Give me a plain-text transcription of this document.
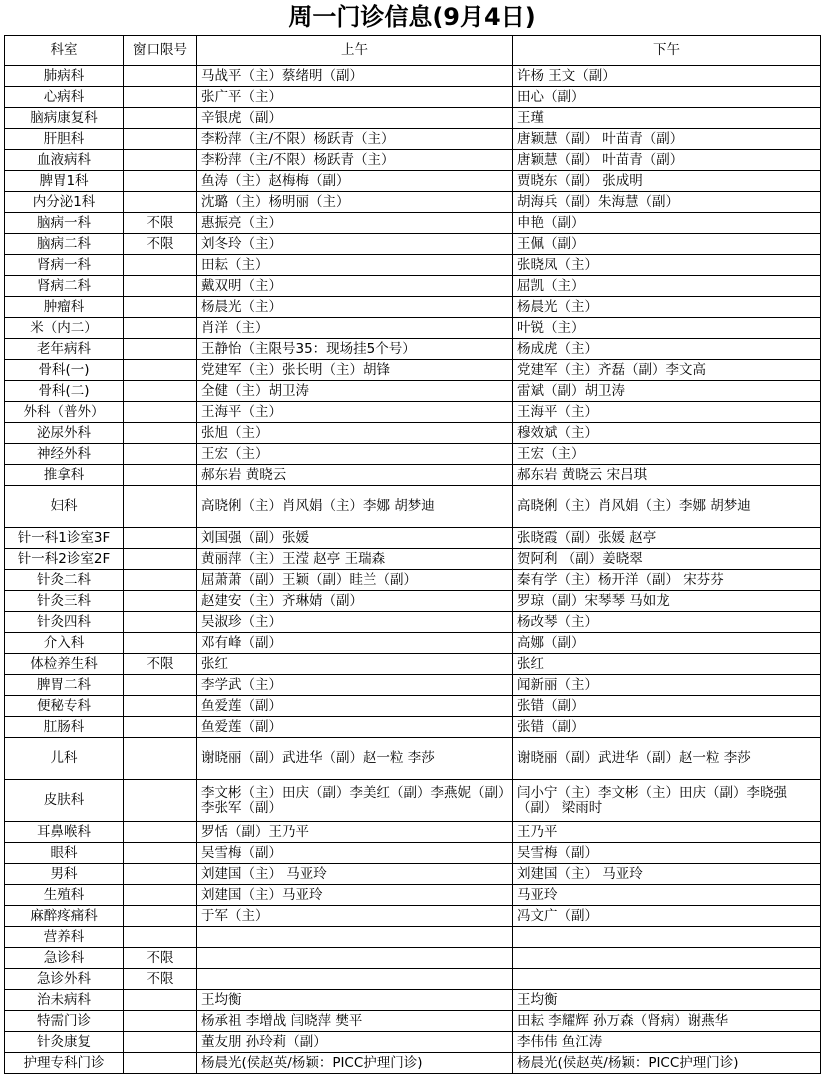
周一门诊信息(9月4日)
科室	窗口限号	上午	下午
肺病科		马战平（主）蔡绪明（副）	许杨 王文（副）
心病科		张广平（主）	田心（副）
脑病康复科		辛银虎（副）	王瑾
肝胆科		李粉萍（主/不限）杨跃青（主）	唐颖慧（副） 叶苗青（副）
血液病科		李粉萍（主/不限）杨跃青（主）	唐颖慧（副） 叶苗青（副）
脾胃1科		鱼涛（主）赵梅梅（副）	贾晓东（副） 张成明
内分泌1科		沈璐（主）杨明丽（主）	胡海兵（副）朱海慧（副）
脑病一科	不限	惠振亮（主）	申艳（副）
脑病二科	不限	刘冬玲（主）	王佩（副）
肾病一科		田耘（主）	张晓凤（主）
肾病二科		戴双明（主）	屈凯（主）
肿瘤科		杨晨光（主）	杨晨光（主）
米（内二）		肖洋（主）	叶锐（主）
老年病科		王静怡（主限号35：现场挂5个号）	杨成虎（主）
骨科(一)		党建军（主）张长明（主）胡锋	党建军（主）齐磊（副）李文高
骨科(二)		全健（主）胡卫涛	雷斌（副）胡卫涛
外科（普外）		王海平（主）	王海平（主）
泌尿外科		张旭（主）	穆效斌（主）
神经外科		王宏（主）	王宏（主）
推拿科		郝东岩 黄晓云	郝东岩 黄晓云 宋吕琪
妇科		高晓俐（主）肖风娟（主）李娜 胡梦迪	高晓俐（主）肖风娟（主）李娜 胡梦迪
针一科1诊室3F		刘国强（副）张媛	张晓霞（副）张媛 赵亭
针一科2诊室2F		黄丽萍（主）王滢 赵亭 王瑞森	贺阿利 （副）姜晓翠
针灸二科		屈萧萧（副）王颖（副）眭兰（副）	秦有学（主）杨开洋（副） 宋芬芬
针灸三科		赵建安（主）齐琳婧（副）	罗琼（副）宋琴琴 马如龙
针灸四科		吴淑珍（主）	杨改琴（主）
介入科		邓有峰（副）	高娜（副）
体检养生科	不限	张红	张红
脾胃二科		李学武（主）	闻新丽（主）
便秘专科		鱼爱莲（副）	张错（副）
肛肠科		鱼爱莲（副）	张错（副）
儿科		谢晓丽（副）武进华（副）赵一粒 李莎	谢晓丽（副）武进华（副）赵一粒 李莎
皮肤科		李文彬（主）田庆（副）李美红（副）李燕妮（副） 李张军（副）	闫小宁（主）李文彬（主）田庆（副）李晓强（副） 梁雨时
耳鼻喉科		罗恬（副）王乃平	王乃平
眼科		吴雪梅（副）	吴雪梅（副）
男科		刘建国（主） 马亚玲	刘建国（主） 马亚玲
生殖科		刘建国（主）马亚玲	马亚玲
麻醉疼痛科		于军（主）	冯文广（副）
营养科			
急诊科	不限		
急诊外科	不限		
治未病科		王均衡	王均衡
特需门诊		杨承祖 李增战 闫晓萍 樊平	田耘 李耀辉 孙万森（肾病）谢燕华
针灸康复		董友朋 孙玲莉（副）	李伟伟 鱼江涛
护理专科门诊		杨晨光(侯赵英/杨颖：PICC护理门诊)	杨晨光(侯赵英/杨颖：PICC护理门诊)
